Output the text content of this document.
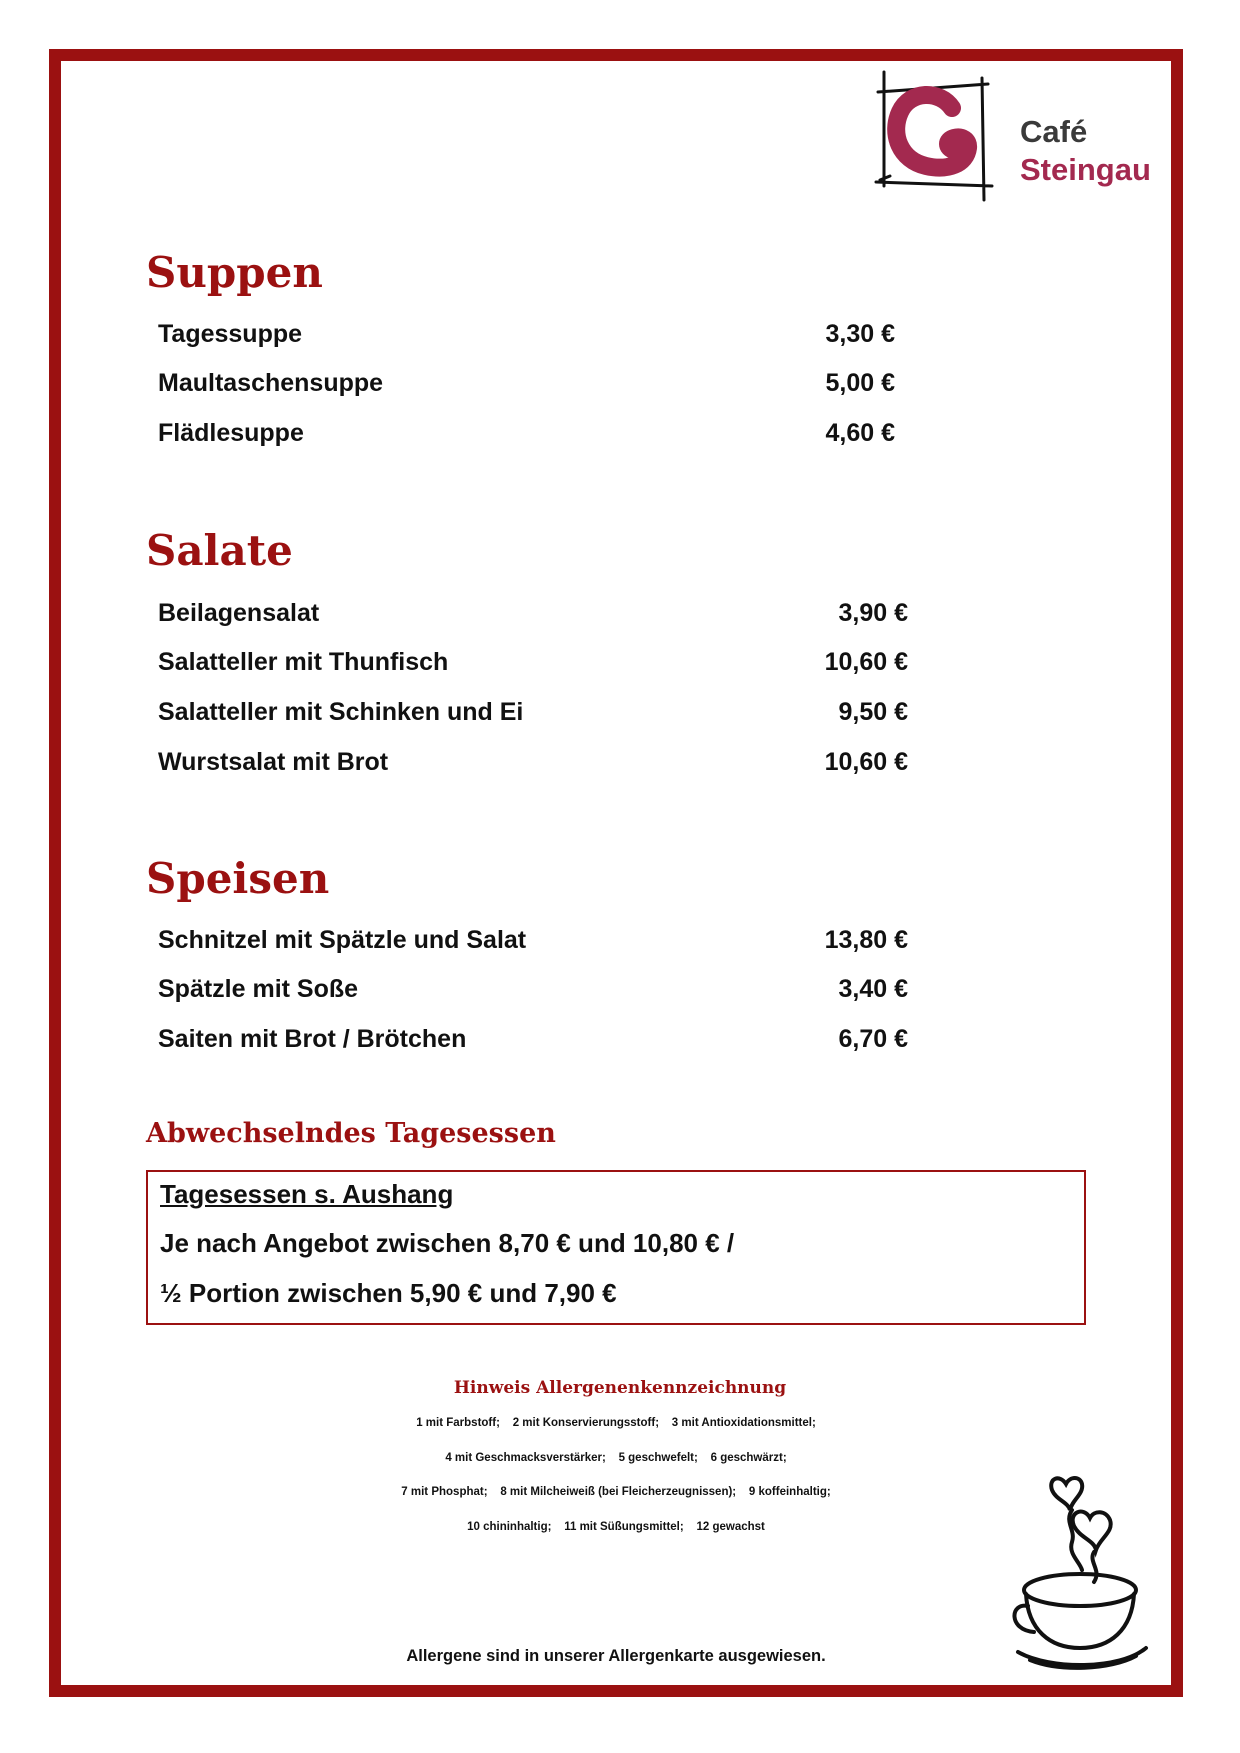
Café
Steingau
Suppen
Tagessuppe	3,30 €
Maultaschensuppe	5,00 €
Flädlesuppe	4,60 €
Salate
Beilagensalat	3,90 €
Salatteller mit Thunfisch	10,60 €
Salatteller mit Schinken und Ei	9,50 €
Wurstsalat mit Brot	10,60 €
Speisen
Schnitzel mit Spätzle und Salat	13,80 €
Spätzle mit Soße	3,40 €
Saiten mit Brot / Brötchen	6,70 €
Abwechselndes Tagesessen
Tagesessen s. Aushang
Je nach Angebot zwischen 8,70 € und 10,80 € /
½ Portion zwischen 5,90 € und 7,90 €
Hinweis Allergenenkennzeichnung
1 mit Farbstoff;    2 mit Konservierungsstoff;    3 mit Antioxidationsmittel;
4 mit Geschmacksverstärker;    5 geschwefelt;    6 geschwärzt;
7 mit Phosphat;    8 mit Milcheiweiß (bei Fleicherzeugnissen);    9 koffeinhaltig;
10 chininhaltig;    11 mit Süßungsmittel;    12 gewachst
Allergene sind in unserer Allergenkarte ausgewiesen.
